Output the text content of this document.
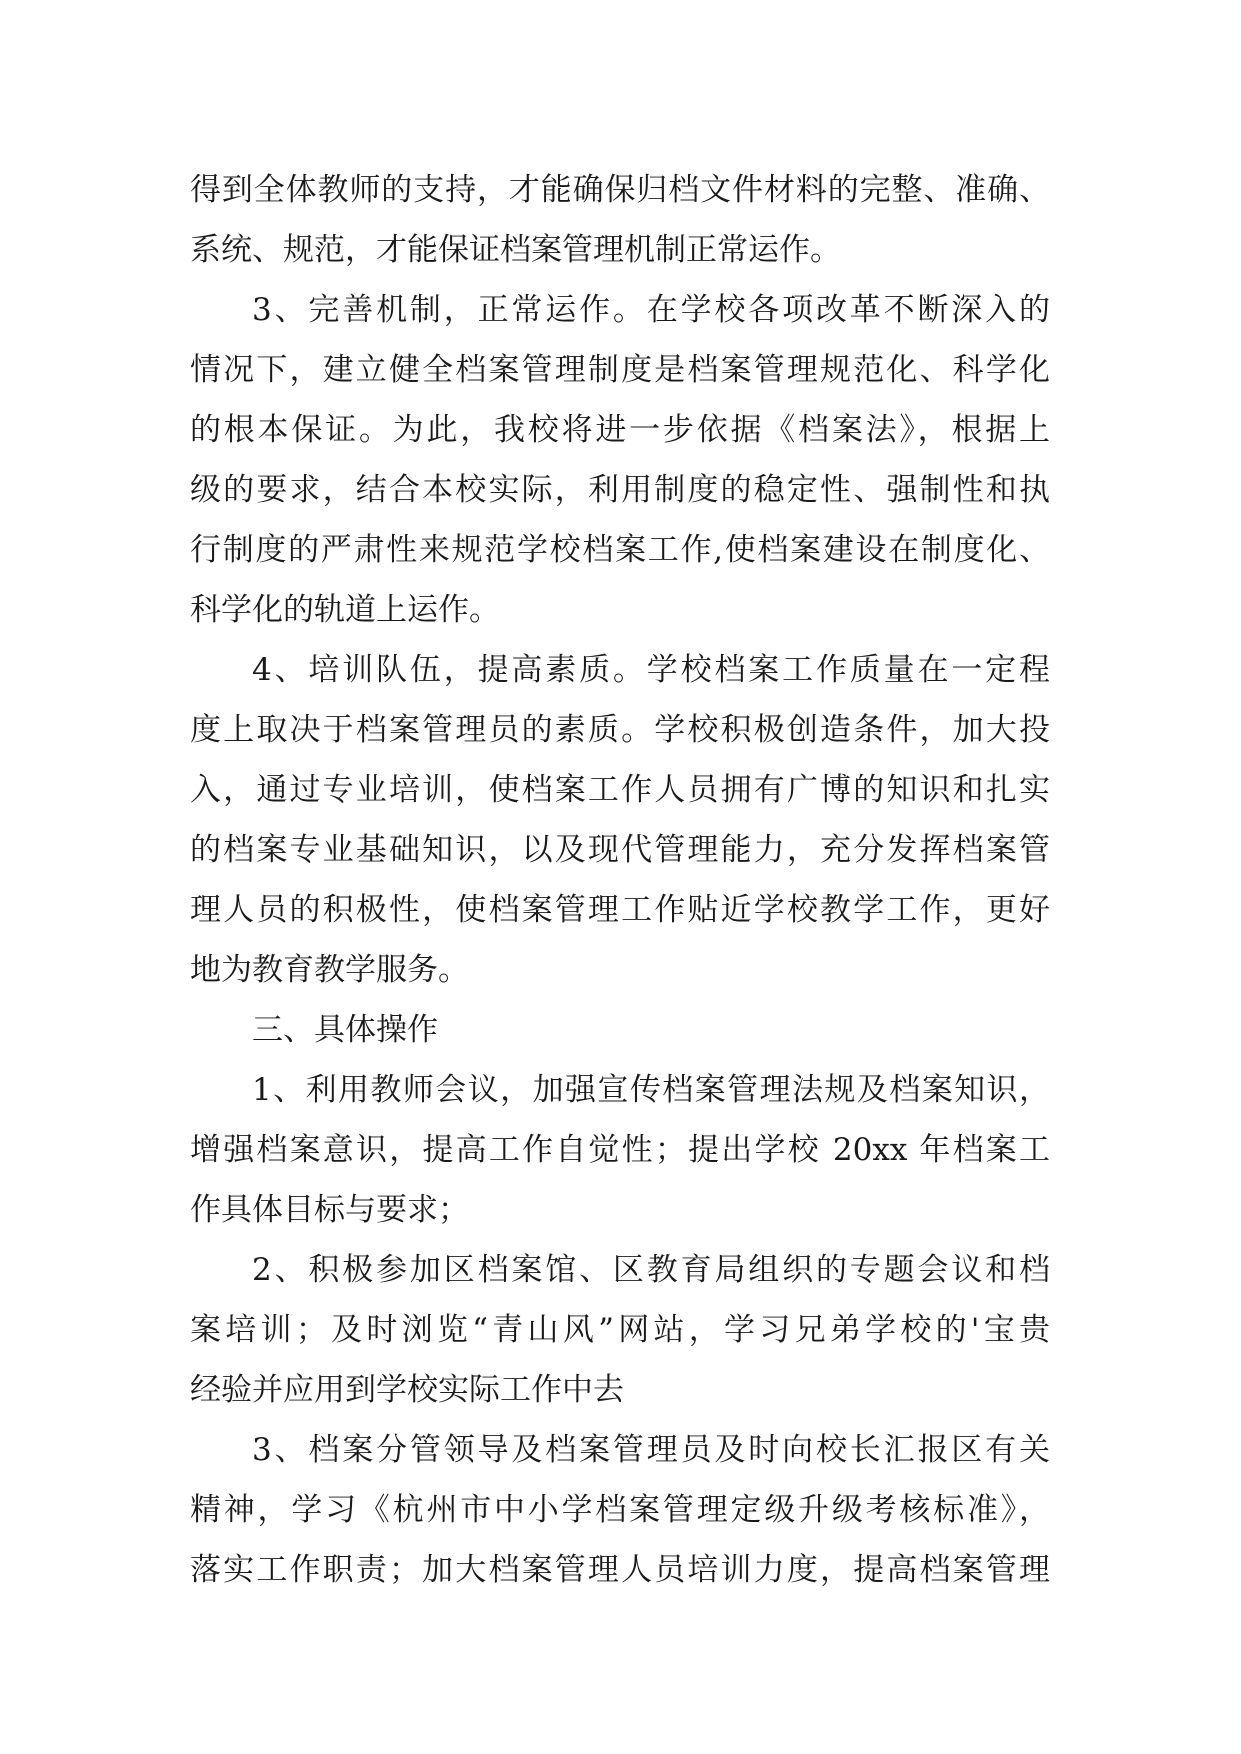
得到全体教师的支持，才能确保归档文件材料的完整、准确、
系统、规范，才能保证档案管理机制正常运作。
3、完善机制，正常运作。在学校各项改革不断深入的
情况下，建立健全档案管理制度是档案管理规范化、科学化
的根本保证。为此，我校将进一步依据《档案法》，根据上
级的要求，结合本校实际，利用制度的稳定性、强制性和执
行制度的严肃性来规范学校档案工作,使档案建设在制度化、
科学化的轨道上运作。
4、培训队伍，提高素质。学校档案工作质量在一定程
度上取决于档案管理员的素质。学校积极创造条件，加大投
入，通过专业培训，使档案工作人员拥有广博的知识和扎实
的档案专业基础知识，以及现代管理能力，充分发挥档案管
理人员的积极性，使档案管理工作贴近学校教学工作，更好
地为教育教学服务。
三、具体操作
1、利用教师会议，加强宣传档案管理法规及档案知识，
增强档案意识，提高工作自觉性；提出学校 20xx 年档案工
作具体目标与要求；
2、积极参加区档案馆、区教育局组织的专题会议和档
案培训；及时浏览“青山风”网站，学习兄弟学校的'宝贵
经验并应用到学校实际工作中去
3、档案分管领导及档案管理员及时向校长汇报区有关
精神，学习《杭州市中小学档案管理定级升级考核标准》，
落实工作职责；加大档案管理人员培训力度，提高档案管理
